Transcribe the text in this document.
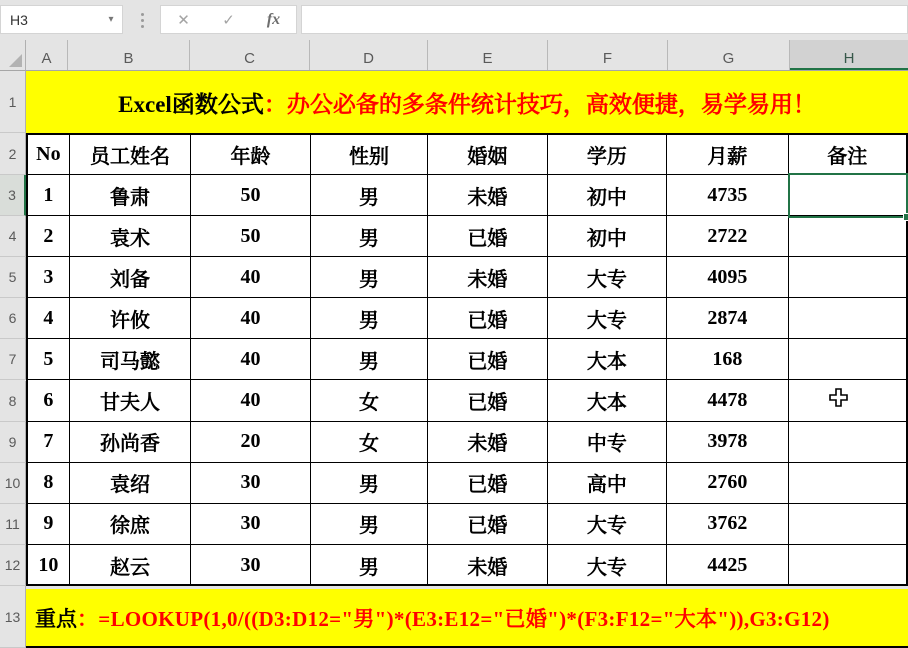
H3	▾	✕	✓	fx
A	B	C	D	E	F	G	H
1
2
3
4
5
6
7
8
9
10
11
12
13
Excel函数公式 ：办公必备的多条件统计技巧，高效便捷，易学易用！
No	员工姓名	年龄	性别	婚姻	学历	月薪	备注
1	鲁肃	50	男	未婚	初中	4735
2	袁术	50	男	已婚	初中	2722
3	刘备	40	男	未婚	大专	4095
4	许攸	40	男	已婚	大专	2874
5	司马懿	40	男	已婚	大本	168
6	甘夫人	40	女	已婚	大本	4478
7	孙尚香	20	女	未婚	中专	3978
8	袁绍	30	男	已婚	高中	2760
9	徐庶	30	男	已婚	大专	3762
10	赵云	30	男	未婚	大专	4425
重点 ：=LOOKUP(1,0/((D3:D12="男")*(E3:E12="已婚")*(F3:F12="大本")),G3:G12)
